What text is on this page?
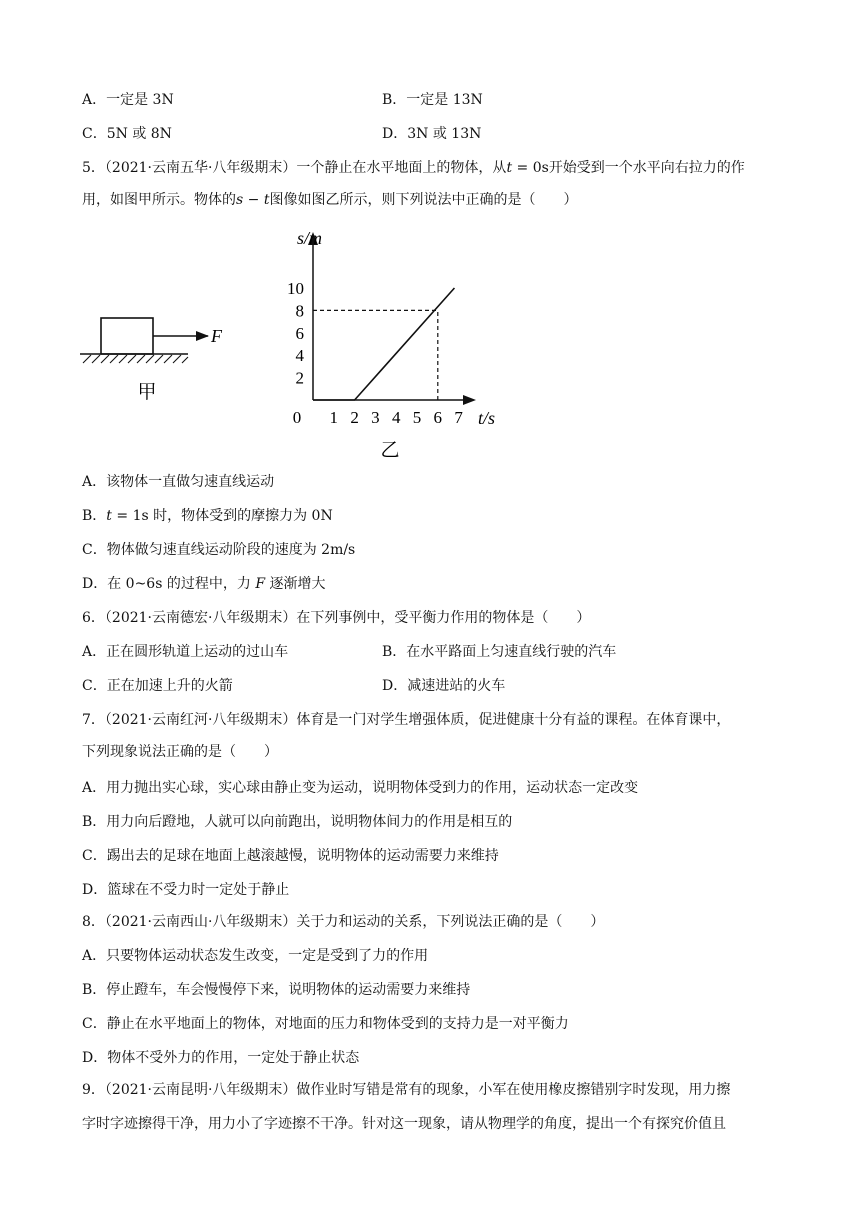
A．一定是 3N	B．一定是 13N
C．5N 或 8N	D．3N 或 13N
5．（2021·云南五华·八年级期末）一个静止在水平地面上的物体，从t = 0s开始受到一个水平向右拉力的作
用，如图甲所示。物体的s − t图像如图乙所示，则下列说法中正确的是（　　）
F
甲
s/m
t/s
0 1 2 3 4 5 6 7
2
4
6
8
10
乙
A．该物体一直做匀速直线运动
B．t = 1s 时，物体受到的摩擦力为 0N
C．物体做匀速直线运动阶段的速度为 2m/s
D．在 0~6s 的过程中，力 F 逐渐增大
6．（2021·云南德宏·八年级期末）在下列事例中，受平衡力作用的物体是（　　）
A．正在圆形轨道上运动的过山车	B．在水平路面上匀速直线行驶的汽车
C．正在加速上升的火箭	D．减速进站的火车
7．（2021·云南红河·八年级期末）体育是一门对学生增强体质，促进健康十分有益的课程。在体育课中，
下列现象说法正确的是（　　）
A．用力抛出实心球，实心球由静止变为运动，说明物体受到力的作用，运动状态一定改变
B．用力向后蹬地，人就可以向前跑出，说明物体间力的作用是相互的
C．踢出去的足球在地面上越滚越慢，说明物体的运动需要力来维持
D．篮球在不受力时一定处于静止
8．（2021·云南西山·八年级期末）关于力和运动的关系，下列说法正确的是（　　）
A．只要物体运动状态发生改变，一定是受到了力的作用
B．停止蹬车，车会慢慢停下来，说明物体的运动需要力来维持
C．静止在水平地面上的物体，对地面的压力和物体受到的支持力是一对平衡力
D．物体不受外力的作用，一定处于静止状态
9．（2021·云南昆明·八年级期末）做作业时写错是常有的现象，小军在使用橡皮擦错别字时发现，用力擦
字时字迹擦得干净，用力小了字迹擦不干净。针对这一现象，请从物理学的角度，提出一个有探究价值且
